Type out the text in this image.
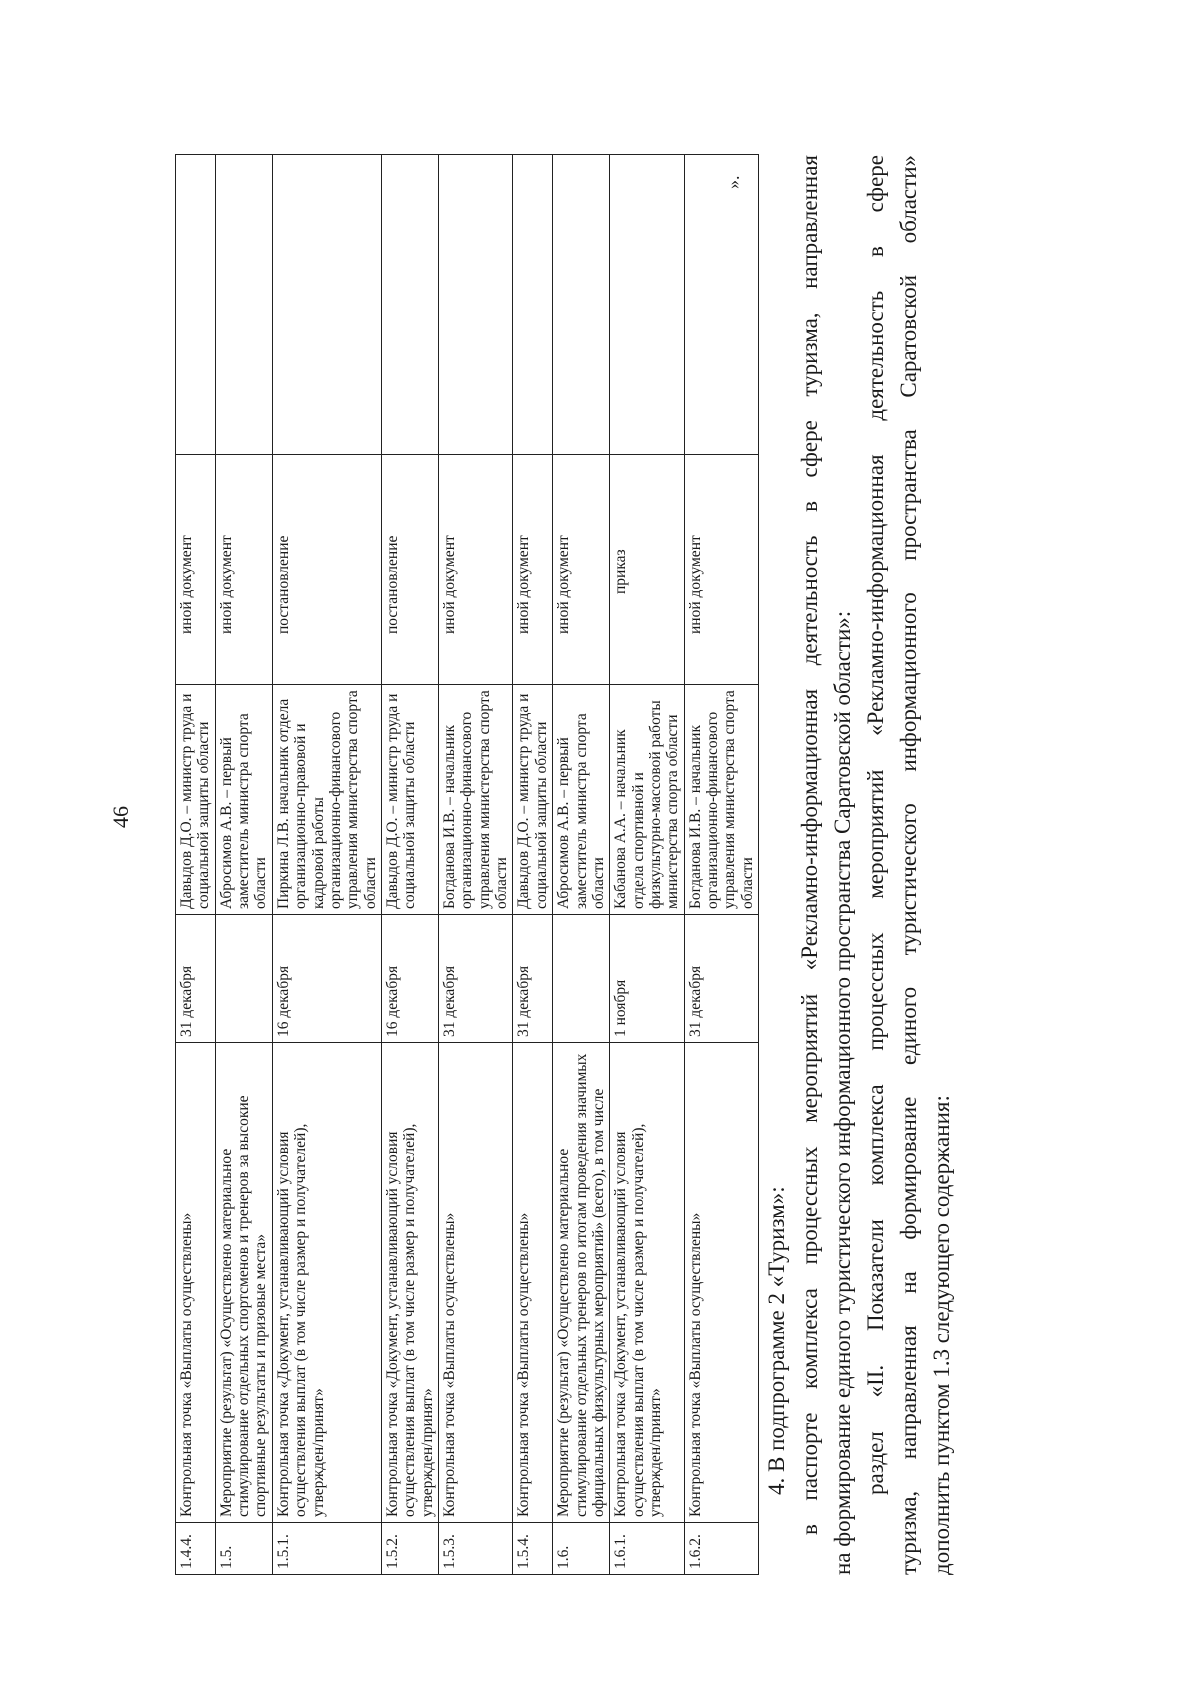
46
1.4.4.	Контрольная точка «Выплаты осуществлены»	31 декабря	Давыдов Д.О. – министр труда и социальной защиты области	иной документ	
1.5.	Мероприятие (результат) «Осуществлено материальное стимулирование отдельных спортсменов и тренеров за высокие спортивные результаты и призовые места»		Абросимов А.В. – первый заместитель министра спорта области	иной документ	
1.5.1.	Контрольная точка «Документ, устанавливающий условия осуществления выплат (в том числе размер и получателей), утвержден/принят»	16 декабря	Пиркина Л.В. начальник отдела организационно-правовой и кадровой работы организационно-финансового управления министерства спорта области	постановление	
1.5.2.	Контрольная точка «Документ, устанавливающий условия осуществления выплат (в том числе размер и получателей), утвержден/принят»	16 декабря	Давыдов Д.О. – министр труда и социальной защиты области	постановление	
1.5.3.	Контрольная точка «Выплаты осуществлены»	31 декабря	Богданова И.В. – начальник организационно-финансового управления министерства спорта области	иной документ	
1.5.4.	Контрольная точка «Выплаты осуществлены»	31 декабря	Давыдов Д.О. – министр труда и социальной защиты области	иной документ	
1.6.	Мероприятие (результат) «Осуществлено материальное стимулирование отдельных тренеров по итогам проведения значимых официальных физкультурных мероприятий» (всего), в том числе		Абросимов А.В. – первый заместитель министра спорта области	иной документ	
1.6.1.	Контрольная точка «Документ, устанавливающий условия осуществления выплат (в том числе размер и получателей), утвержден/принят»	1 ноября	Кабанова А.А. – начальник отдела спортивной и физкультурно-массовой работы министерства спорта области	приказ	
1.6.2.	Контрольная точка «Выплаты осуществлены»	31 декабря	Богданова И.В. – начальник организационно-финансового управления министерства спорта области	иной документ	
».

4. В подпрограмме 2 «Туризм»: в паспорте комплекса процессных мероприятий «Рекламно-информационная деятельность в сфере туризма, направленная на формирование единого туристического информационного пространства Саратовской области»: раздел «II. Показатели комплекса процессных мероприятий «Рекламно-информационная деятельность в сфере туризма, направленная на формирование единого туристического информационного пространства Саратовской области» дополнить пунктом 1.3 следующего содержания:
